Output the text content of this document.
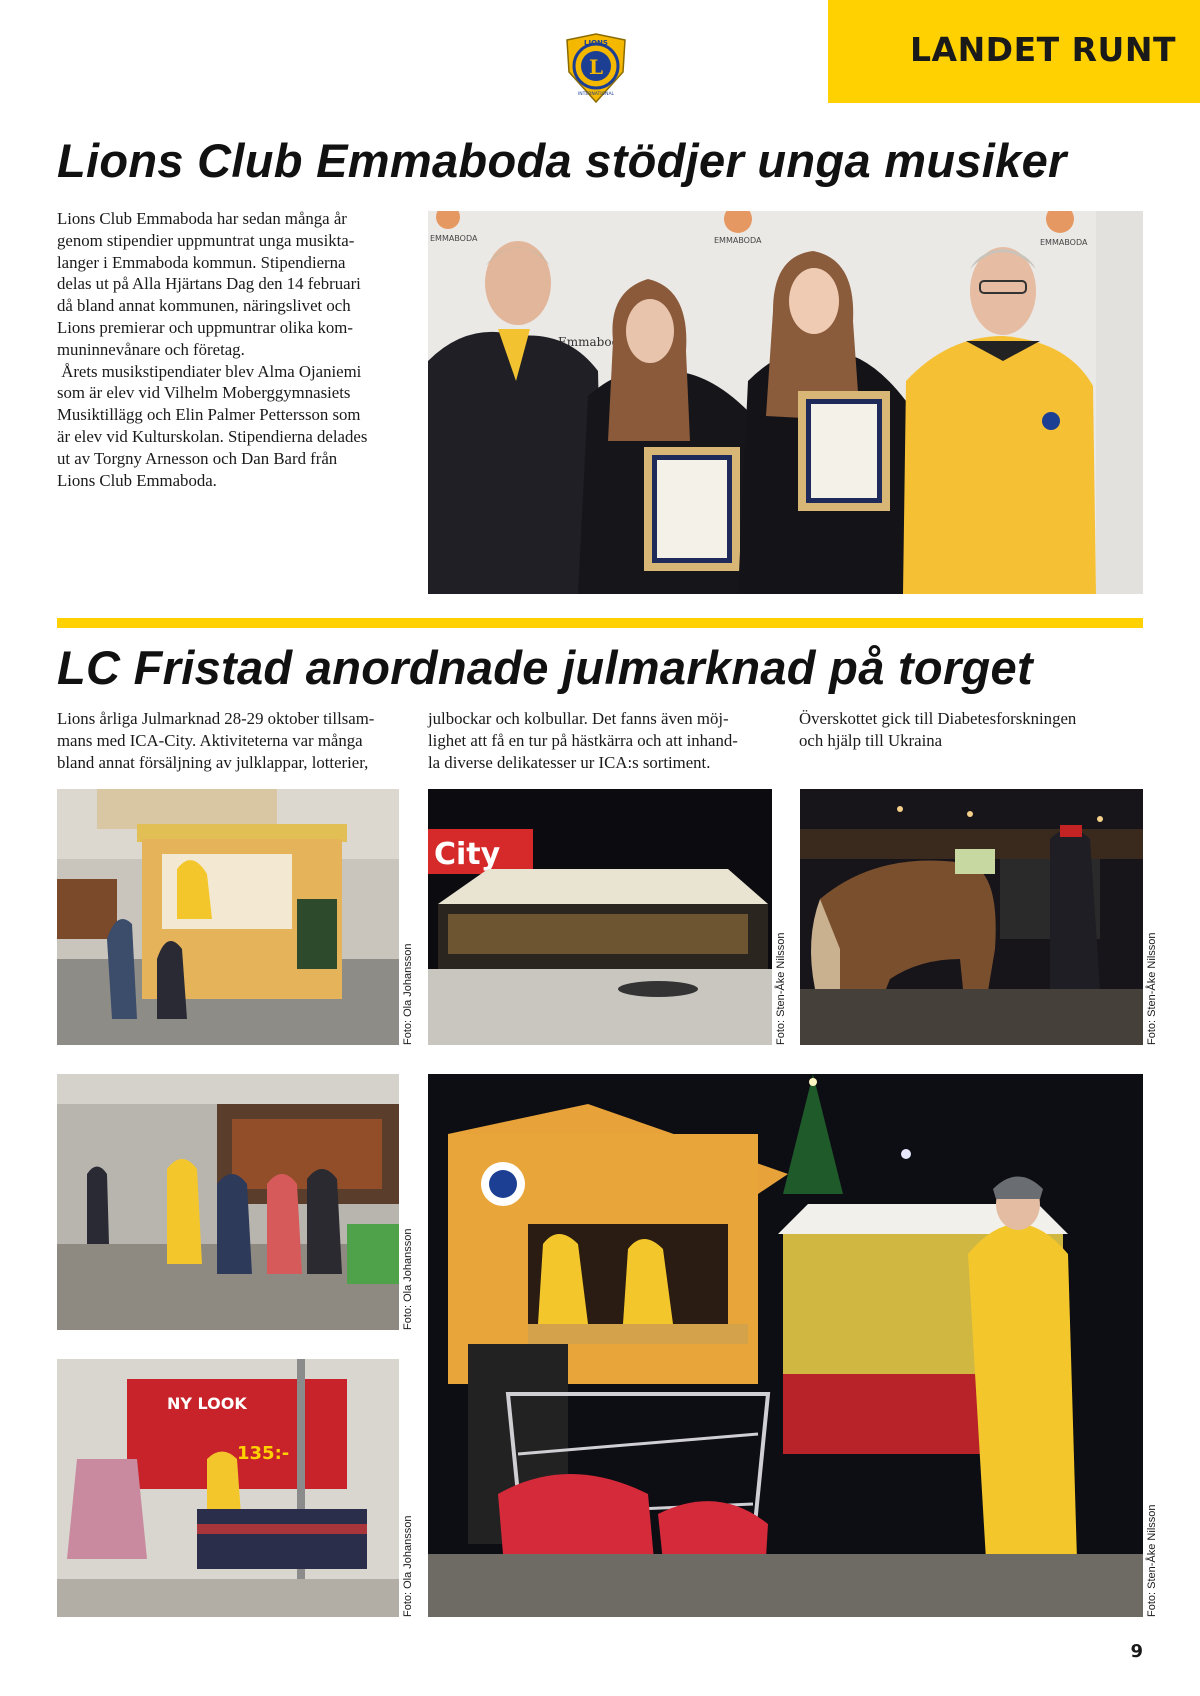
LANDET RUNT
L
LIONS
INTERNATIONAL
Lions Club Emmaboda stödjer unga musiker

Lions Club Emmaboda har sedan många år

genom stipendier uppmuntrat unga musikta-

langer i Emmaboda kommun. Stipendierna

delas ut på Alla Hjärtans Dag den 14 februari

då bland annat kommunen, näringslivet och

Lions premierar och uppmuntrar olika kom-

muninnevånare och företag.

Årets musikstipendiater blev Alma Ojaniemi

som är elev vid Vilhelm Moberggymnasiets

Musiktillägg och Elin Palmer Pettersson som

är elev vid Kulturskolan. Stipendierna delades

ut av Torgny Arnesson och Dan Bard från

Lions Club Emmaboda.

EMMABODA	EMMABODA	EMMABODA
Emmaboda
LC Fristad anordnade julmarknad på torget

Lions årliga Julmarknad 28-29 oktober tillsam-

mans med ICA-City. Aktiviteterna var många

bland annat försäljning av julklappar, lotterier,

julbockar och kolbullar. Det fanns även möj-

lighet att få en tur på hästkärra och att inhand-

la diverse delikatesser ur ICA:s sortiment.

Överskottet gick till Diabetesforskningen

och hjälp till Ukraina

Foto: Ola Johansson
City
Foto: Sten-Åke Nilsson	Foto: Sten-Åke Nilsson
Foto: Ola Johansson
NY LOOK
135:-
Foto: Ola Johansson	Foto: Sten-Åke Nilsson
9
